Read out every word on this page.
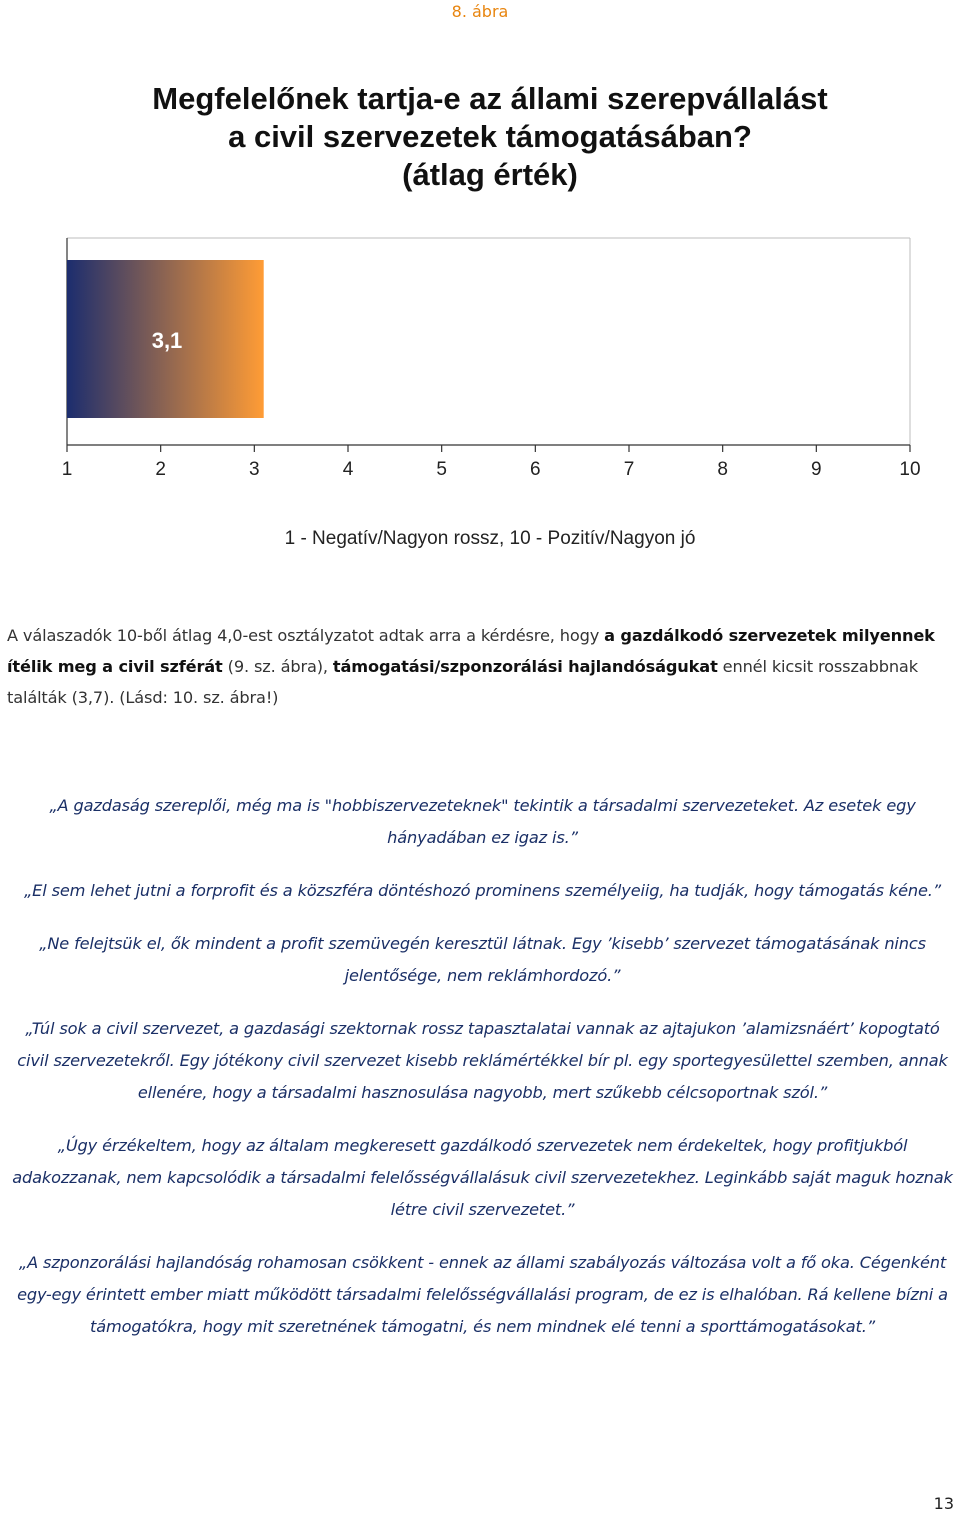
8. ábra
Megfelelőnek tartja-e az állami szerepvállalást
a civil szervezetek támogatásában?
(átlag érték)
3,1
1	2	3	4	5	6	7	8	9	10
1 - Negatív/Nagyon rossz, 10 - Pozitív/Nagyon jó
A válaszadók 10-ből átlag 4,0-est osztályzatot adtak arra a kérdésre, hogy a gazdálkodó szervezetek milyennek ítélik meg a civil szférát (9. sz. ábra), támogatási/szponzorálási hajlandóságukat ennél kicsit rosszabbnak találták (3,7). (Lásd: 10. sz. ábra!)

„A gazdaság szereplői, még ma is "hobbiszervezeteknek" tekintik a társadalmi szervezeteket. Az esetek egy hányadában ez igaz is.”

„El sem lehet jutni a forprofit és a közszféra döntéshozó prominens személyeiig, ha tudják, hogy támogatás kéne.”

„Ne felejtsük el, ők mindent a profit szemüvegén keresztül látnak. Egy ’kisebb’ szervezet támogatásának nincs jelentősége, nem reklámhordozó.”

„Túl sok a civil szervezet, a gazdasági szektornak rossz tapasztalatai vannak az ajtajukon ’alamizsnáért’ kopogtató civil szervezetekről. Egy jótékony civil szervezet kisebb reklámértékkel bír pl. egy sportegyesülettel szemben, annak ellenére, hogy a társadalmi hasznosulása nagyobb, mert szűkebb célcsoportnak szól.”

„Úgy érzékeltem, hogy az általam megkeresett gazdálkodó szervezetek nem érdekeltek, hogy profitjukból adakozzanak, nem kapcsolódik a társadalmi felelősségvállalásuk civil szervezetekhez. Leginkább saját maguk hoznak létre civil szervezetet.”

„A szponzorálási hajlandóság rohamosan csökkent - ennek az állami szabályozás változása volt a fő oka. Cégenként egy-egy érintett ember miatt működött társadalmi felelősségvállalási program, de ez is elhalóban. Rá kellene bízni a támogatókra, hogy mit szeretnének támogatni, és nem mindnek elé tenni a sporttámogatásokat.”

13
